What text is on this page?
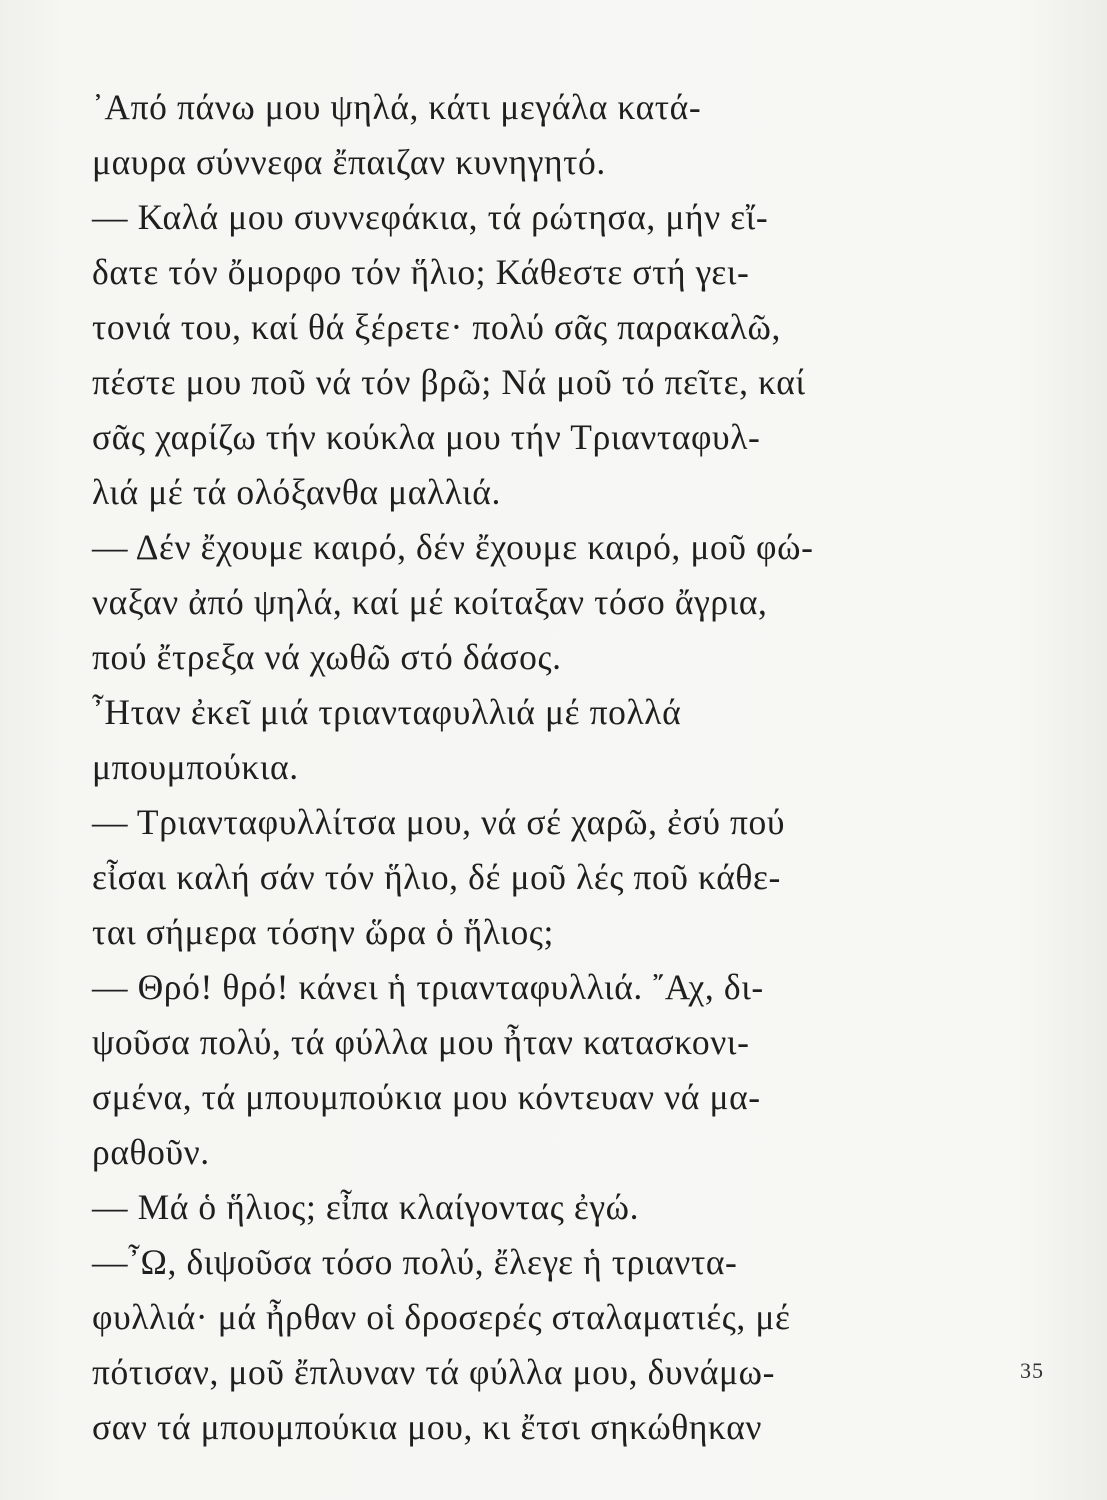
᾿Από πάνω μου ψηλά, κάτι μεγάλα κατά-
μαυρα σύννεφα ἔπαιζαν κυνηγητό.
— Καλά μου συννεφάκια, τά ρώτησα, μήν εἴ-
δατε τόν ὄμορφο τόν ἥλιο; Κάθεστε στή γει-
τονιά του, καί θά ξέρετε· πολύ σᾶς παρακαλῶ,
πέστε μου ποῦ νά τόν βρῶ; Νά μοῦ τό πεῖτε, καί
σᾶς χαρίζω τήν κούκλα μου τήν Τριανταφυλ-
λιά μέ τά ολόξανθα μαλλιά.
— Δέν ἔχουμε καιρό, δέν ἔχουμε καιρό, μοῦ φώ-
ναξαν ἀπό ψηλά, καί μέ κοίταξαν τόσο ἄγρια,
πού ἔτρεξα νά χωθῶ στό δάσος.
῏Ηταν ἐκεῖ μιά τριανταφυλλιά μέ πολλά
μπουμπούκια.
— Τριανταφυλλίτσα μου, νά σέ χαρῶ, ἐσύ πού
εἶσαι καλή σάν τόν ἥλιο, δέ μοῦ λές ποῦ κάθε-
ται σήμερα τόσην ὥρα ὁ ἥλιος;
— Θρό! θρό! κάνει ἡ τριανταφυλλιά. ῎Αχ, δι-
ψοῦσα πολύ, τά φύλλα μου ἦταν κατασκονι-
σμένα, τά μπουμπούκια μου κόντευαν νά μα-
ραθοῦν.
— Μά ὁ ἥλιος; εἶπα κλαίγοντας ἐγώ.
—῏Ω, διψοῦσα τόσο πολύ, ἔλεγε ἡ τριαντα-
φυλλιά· μά ἦρθαν οἱ δροσερές σταλαματιές, μέ
πότισαν, μοῦ ἔπλυναν τά φύλλα μου, δυνάμω-
σαν τά μπουμπούκια μου, κι ἔτσι σηκώθηκαν
35
